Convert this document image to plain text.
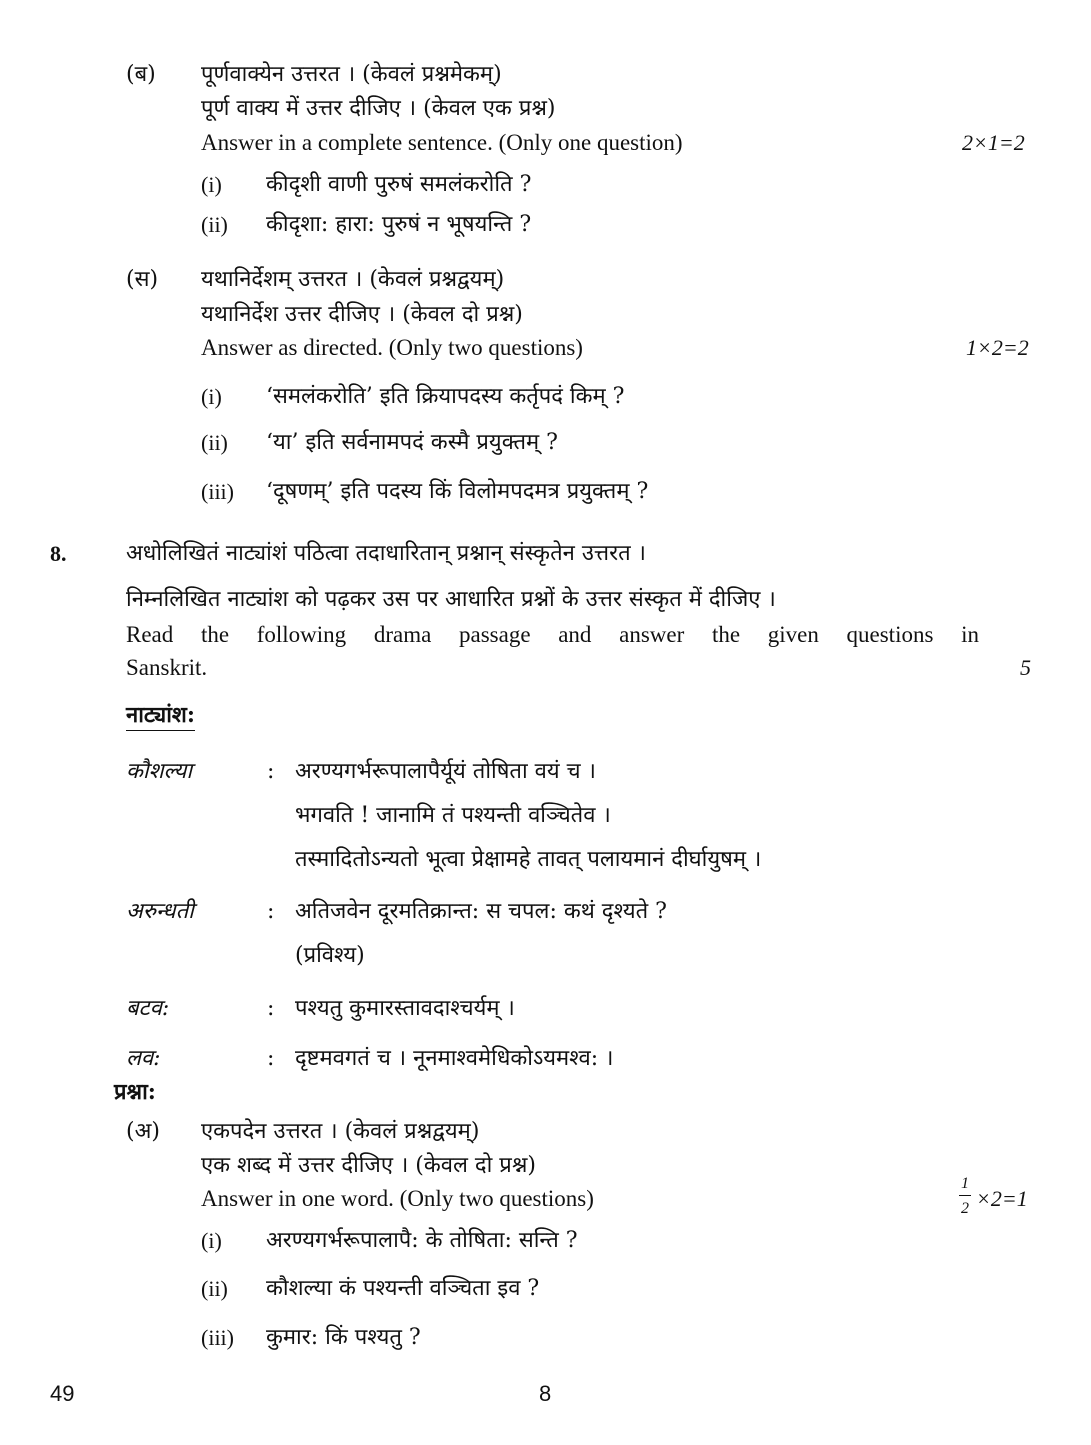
(ब) पूर्णवाक्येन उत्तरत । (केवलं प्रश्नमेकम्)
पूर्ण वाक्य में उत्तर दीजिए । (केवल एक प्रश्न)
Answer in a complete sentence. (Only one question)	2×1=2
(i) कीदृशी वाणी पुरुषं समलंकरोति ?
(ii) कीदृशा: हारा: पुरुषं न भूषयन्ति ?
(स) यथानिर्देशम् उत्तरत । (केवलं प्रश्नद्वयम्)
यथानिर्देश उत्तर दीजिए । (केवल दो प्रश्न)
Answer as directed. (Only two questions)	1×2=2
(i) ‘समलंकरोति’ इति क्रियापदस्य कर्तृपदं किम् ?
(ii) ‘या’ इति सर्वनामपदं कस्मै प्रयुक्तम् ?
(iii) ‘दूषणम्’ इति पदस्य किं विलोमपदमत्र प्रयुक्तम् ?
8.	अधोलिखितं नाट्यांशं पठित्वा तदाधारितान् प्रश्नान् संस्कृतेन उत्तरत ।
निम्नलिखित नाट्यांश को पढ़कर उस पर आधारित प्रश्नों के उत्तर संस्कृत में दीजिए ।
Read the following drama passage and answer the given questions in
Sanskrit.	5
नाट्यांश:
कौशल्या	: अरण्यगर्भरूपालापैर्यूयं तोषिता वयं च ।
भगवति ! जानामि तं पश्यन्ती वञ्चितेव ।
तस्मादितोऽन्यतो भूत्वा प्रेक्षामहे तावत् पलायमानं दीर्घायुषम् ।
अरुन्धती	: अतिजवेन दूरमतिक्रान्त: स चपल: कथं दृश्यते ?
(प्रविश्य)
बटव:	: पश्यतु कुमारस्तावदाश्चर्यम् ।
लव:	: दृष्टमवगतं च । नूनमाश्वमेधिकोऽयमश्व: ।
प्रश्ना:
(अ) एकपदेन उत्तरत । (केवलं प्रश्नद्वयम्)
एक शब्द में उत्तर दीजिए । (केवल दो प्रश्न)
Answer in one word. (Only two questions)
1
2 ×2=1
(i) अरण्यगर्भरूपालापै: के तोषिता: सन्ति ?
(ii) कौशल्या कं पश्यन्ती वञ्चिता इव ?
(iii) कुमार: किं पश्यतु ?
49	8
